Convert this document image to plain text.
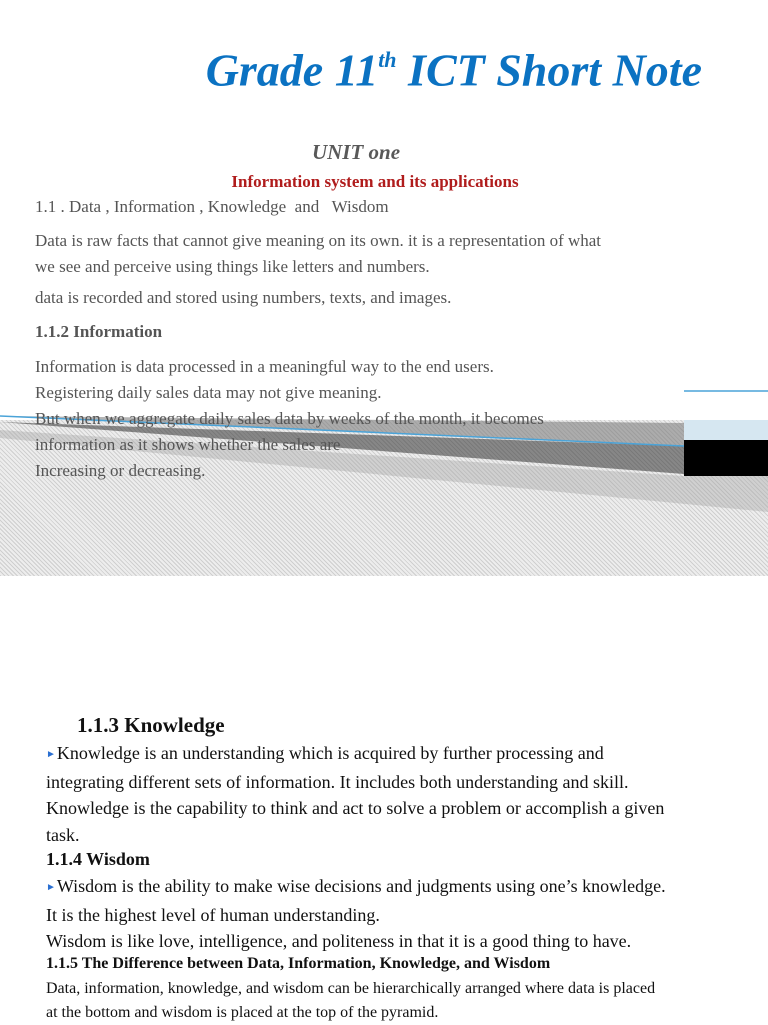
Grade 11th ICT Short Note
UNIT one
Information system and its applications
1.1 . Data , Information , Knowledge  and   Wisdom
Data is raw facts that cannot give meaning on its own. it is a representation of what
we see and perceive using things like letters and numbers.
data is recorded and stored using numbers, texts, and images.
1.1.2 Information
Information is data processed in a meaningful way to the end users.
Registering daily sales data may not give meaning.
But when we aggregate daily sales data by weeks of the month, it becomes
information as it shows whether the sales are
Increasing or decreasing.
1.1.3 Knowledge
►Knowledge is an understanding which is acquired by further processing and
integrating different sets of information. It includes both understanding and skill.
Knowledge is the capability to think and act to solve a problem or accomplish a given
task.
1.1.4 Wisdom
►Wisdom is the ability to make wise decisions and judgments using one’s knowledge.
It is the highest level of human understanding.
Wisdom is like love, intelligence, and politeness in that it is a good thing to have.
1.1.5 The Difference between Data, Information, Knowledge, and Wisdom
Data, information, knowledge, and wisdom can be hierarchically arranged where data is placed
at the bottom and wisdom is placed at the top of the pyramid.
